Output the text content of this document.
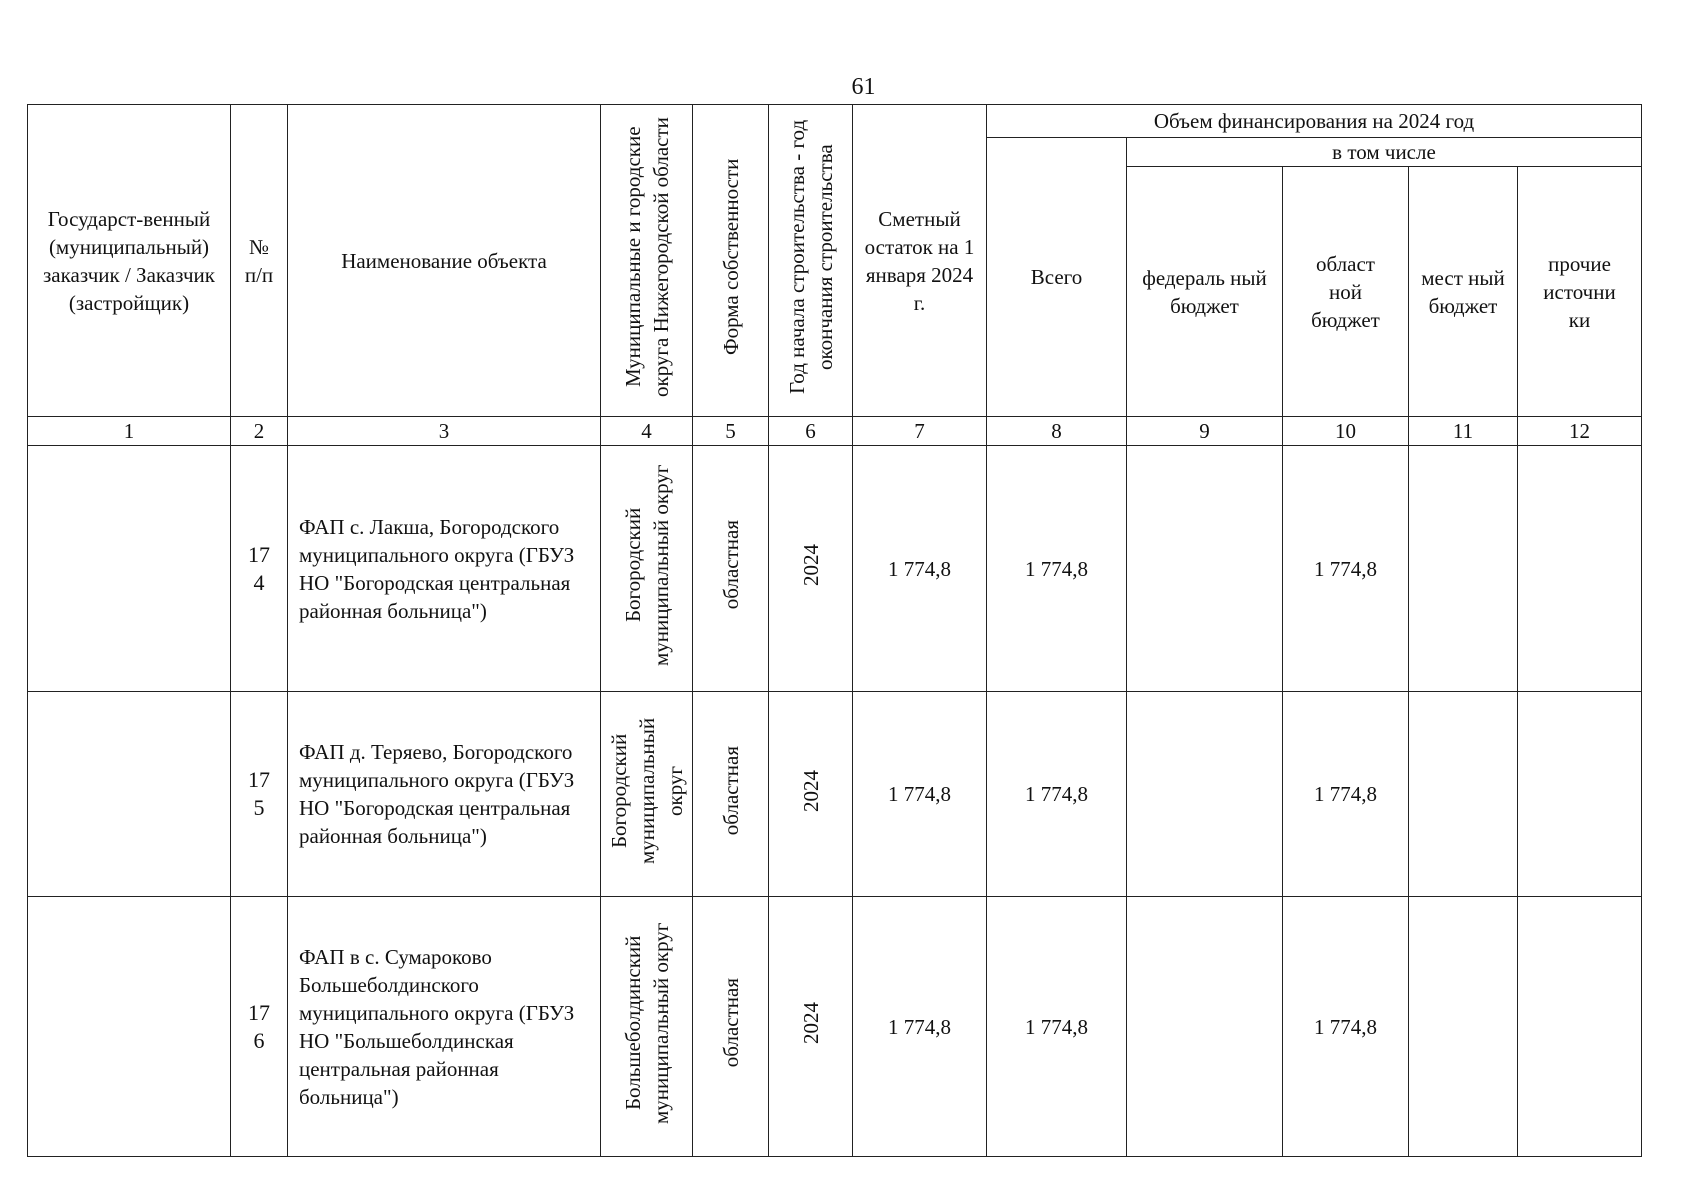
61
Государст-венный (муниципальный) заказчик / Заказчик (застройщик)	№ п/п	Наименование объекта	Муниципальные и городские округа Нижегородской области	Форма собственности	Год начала строительства - год окончания строительства	Сметный остаток на 1 января 2024 г.	Объем финансирования на 2024 год				
							Всего	в том числе			
								федераль ный бюджет	област ной бюджет	мест ный бюджет	прочие источни ки
1	2	3	4	5	6	7	8	9	10	11	12
	17 4	ФАП с. Лакша, Богородского муниципального округа (ГБУЗ НО "Богородская центральная районная больница")	Богородский муниципальный округ	областная	2024	1 774,8	1 774,8		1 774,8		
	17 5	ФАП д. Теряево, Богородского муниципального округа (ГБУЗ НО "Богородская центральная районная больница")	Богородский муниципальный округ	областная	2024	1 774,8	1 774,8		1 774,8		
	17 6	ФАП в с. Сумароково Большеболдинского муниципального округа (ГБУЗ НО "Большеболдинская центральная районная больница")	Большеболдинский муниципальный округ	областная	2024	1 774,8	1 774,8		1 774,8		
